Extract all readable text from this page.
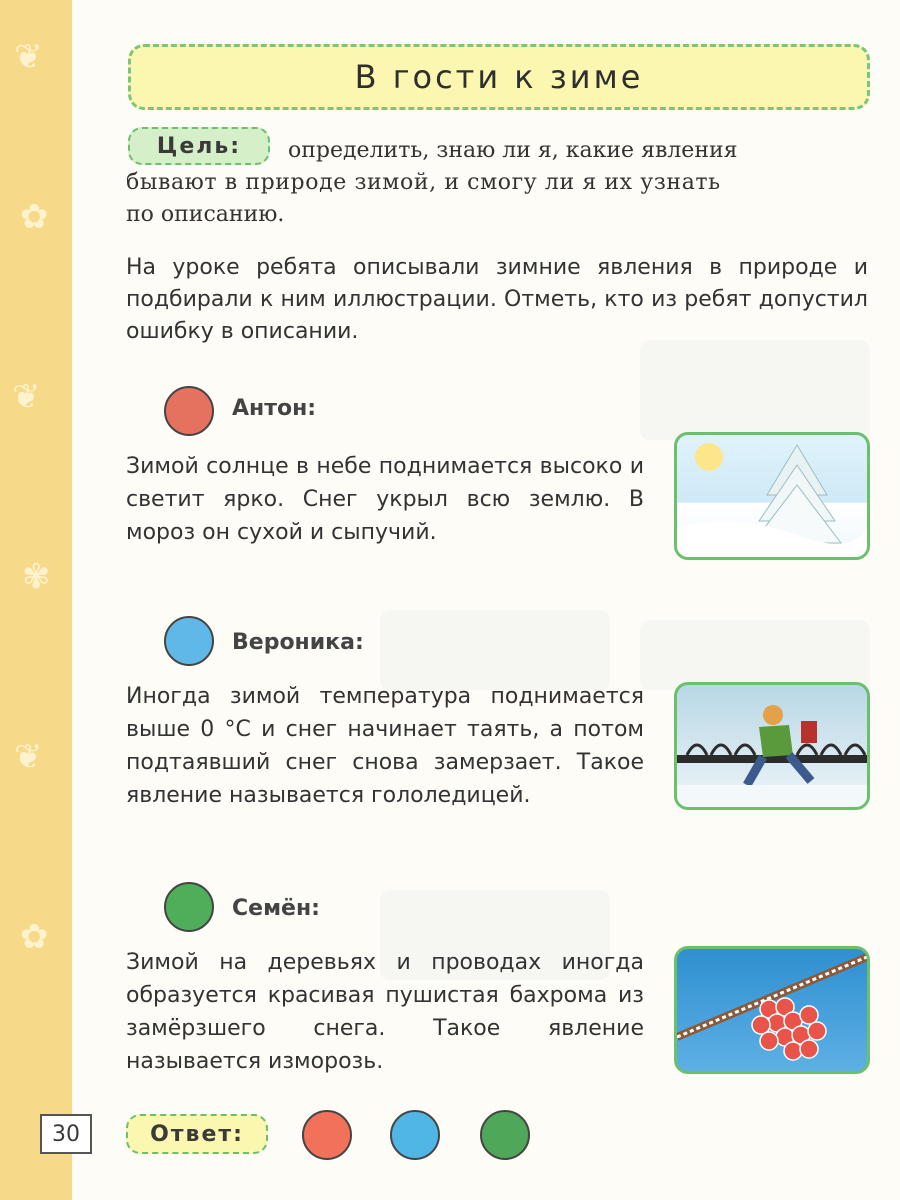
❦
✿
❦
✾
❦
✿
В гости к зиме
Цель:	определить, знаю ли я, какие явления
бывают в природе зимой, и смогу ли я их узнать
по описанию.
На уроке ребята описывали зимние явления в природе и подбирали к ним иллюстрации. Отметь, кто из ребят допустил ошибку в описании.
Антон:
Зимой солнце в небе поднимается высоко и светит ярко. Снег укрыл всю землю. В мороз он сухой и сыпучий.
Вероника:
Иногда зимой температура поднимается выше 0 °С и снег начинает таять, а потом подтаявший снег снова замерзает. Такое явление называется гололедицей.
Семён:
Зимой на деревьях и проводах иногда образуется красивая пушистая бахрома из замёрзшего снега. Такое явление называется изморозь.
30	Ответ:
